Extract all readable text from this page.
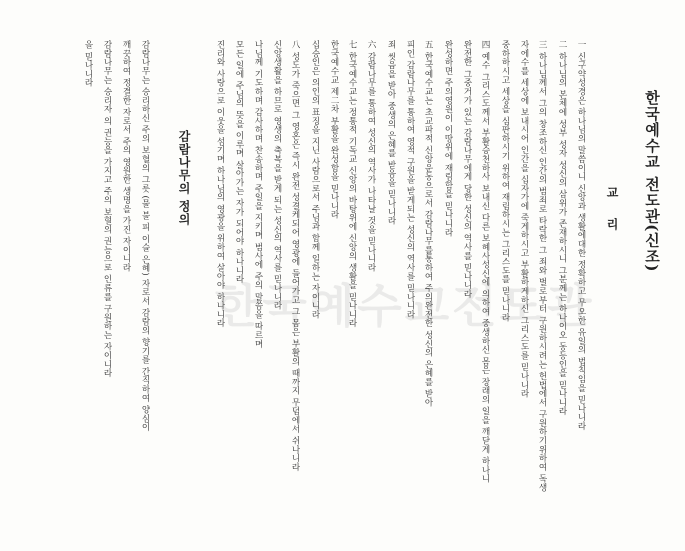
한국예수교전도관
한국예수교 전도관(신조)
교 리
一 신구약성경은 하나님의 말씀이니 신앙과 생활에대한 정확하고 무오한 유일의 법칙임을 믿나니라
二 하나님의 본체에 성부 성자 성신의 삼위가 존재하시니 그분께는 하나이오 동등인을 믿나니라
三 하나님께서 그의 창조하신 인간의 범죄로 타락한 그 죄와 벌로부터 구원하시려는 헌법에서 구원하기위하여 독생
자에수를 세상에 보내시어 인간을 십자가에 죽게하시고 부활하게하신 그리스도를 믿나니라
중하하시고 세상을 심판하시기 위하여 재림하시는 그리스도를 믿나니라
四 예수 그리스도께서 부활승천하사 보내신 다른 보혜사성신에 의하여 중생하신 몸은 장래의 일을 깨닫게 하나니
완전한 그중거가 있는 감람나무에게 당한 성신의 역사를 믿나니라
완성하면 주의영원이 이땅위에 재림함을 믿나니라
五 한국예수교는 초교파적 신앙운동으로서 감람나무를통하여 주의완전한 성신의 은혜를 받아
피인 감람나무를 통하여 영적 구원을 받게되는 성신의 역사를 믿나니라
죄 씻음을 받아 중생의 은혜를 받음을 믿나니라
六 감람나무를 통하여 성신의 역사가 나타날 것을 믿나니라
七 한국예수교는 정통적 기독교 신앙의 바탕위에 신앙의 생활을 믿나니라
한국예수교 제二차 부활을 완성함을 믿나니라
십승인은 의인의 표징을 지닌 사람으로서 주님과 함께 일하는 자이니라
八 성도가 죽으면 그 영혼은 즉시 완전 성결케되어 영광에 들어가고 그 몸은 부활의 때까지 무덤에서 쉬나니라
신앙생활을 하므로 영생의 축복을 받게 되는 성신의 역사를 믿나니라
나님께 기도하며 감사하며 찬송하며 주일을 지키며 범사에 주의 말씀을 따르며
모든 일에 주님의 뜻을 이루며 살아가는 자가 되어야 하나니라
진리와 사랑으로 이웃을 섬기며 하나님의 영광을 위하여 살아야 하나니라
감람나무의 정의
감람나무는 승리하신 주의 보혈의 그릇 (물 불 피 이슬 은혜) 자로서 감람의 향기를 간직하여 양심이
깨끗하여 정결한 자로서 주의 영원한 생명을 가진 자이니라
감람나무는 승리자 의 권능을 가지고 주의 보혈의 권능으로 인류를 구원하는 자이니라
을 믿나니라
